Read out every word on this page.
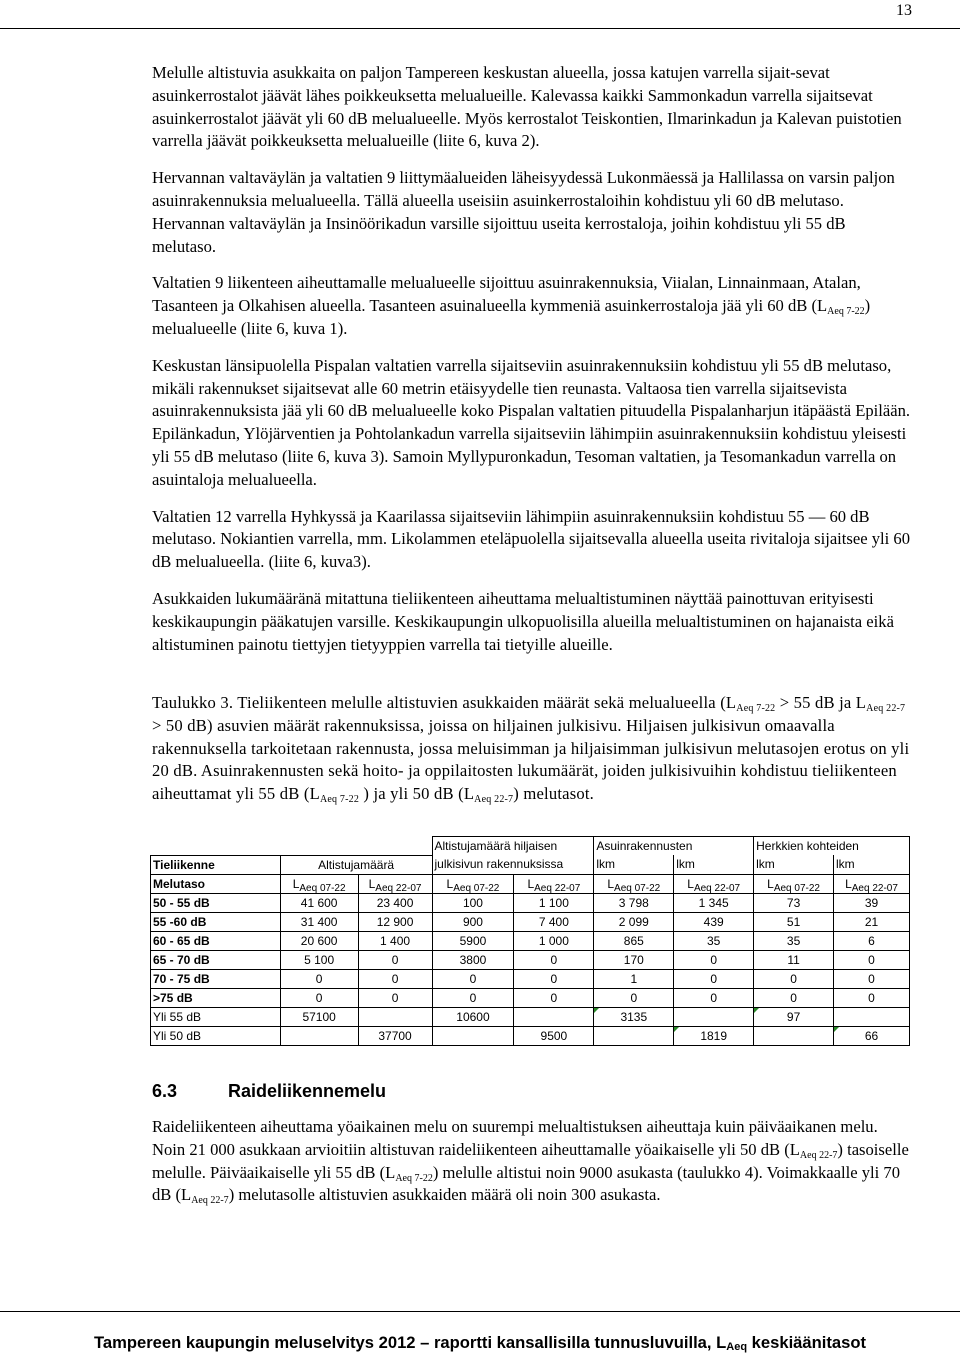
13

Melulle altistuvia asukkaita on paljon Tampereen keskustan alueella, jossa katujen varrella sijait-sevat asuinkerrostalot jäävät lähes poikkeuksetta melualueille. Kalevassa kaikki Sammonkadun varrella sijaitsevat asuinkerrostalot jäävät yli 60 dB melualueelle. Myös kerrostalot Teiskontien, Ilmarinkadun ja Kalevan puistotien varrella jäävät poikkeuksetta melualueille (liite 6, kuva 2).

Hervannan valtaväylän ja valtatien 9 liittymäalueiden läheisyydessä Lukonmäessä ja Hallilassa on varsin paljon asuinrakennuksia melualueella. Tällä alueella useisiin asuinkerrostaloihin kohdistuu yli 60 dB melutaso. Hervannan valtaväylän ja Insinöörikadun varsille sijoittuu useita kerrostaloja, joihin kohdistuu yli 55 dB melutaso.

Valtatien 9 liikenteen aiheuttamalle melualueelle sijoittuu asuinrakennuksia, Viialan, Linnainmaan, Atalan, Tasanteen ja Olkahisen alueella. Tasanteen asuinalueella kymmeniä asuinkerrostaloja jää yli 60 dB $(L_{Aeq 7-22})$ melualueelle (liite 6, kuva 1).

Keskustan länsipuolella Pispalan valtatien varrella sijaitseviin asuinrakennuksiin kohdistuu yli 55 dB melutaso, mikäli rakennukset sijaitsevat alle 60 metrin etäisyydelle tien reunasta. Valtaosa tien varrella sijaitsevista asuinrakennuksista jää yli 60 dB melualueelle koko Pispalan valtatien pituudella Pispalanharjun itäpäästä Epilään. Epilänkadun, Ylöjärventien ja Pohtolankadun varrella sijaitseviin lähimpiin asuinrakennuksiin kohdistuu yleisesti yli 55 dB melutaso (liite 6, kuva 3). Samoin Myllypuronkadun, Tesoman valtatien, ja Tesomankadun varrella on asuintaloja melualueella.

Valtatien 12 varrella Hyhkyssä ja Kaarilassa sijaitseviin lähimpiin asuinrakennuksiin kohdistuu 55 — 60 dB melutaso. Nokiantien varrella, mm. Likolammen eteläpuolella sijaitsevalla alueella useita rivitaloja sijaitsee yli 60 dB melualueella. (liite 6, kuva3).

Asukkaiden lukumääränä mitattuna tieliikenteen aiheuttama melualtistuminen näyttää painottuvan erityisesti keskikaupungin pääkatujen varsille. Keskikaupungin ulkopuolisilla alueilla melualtistuminen on hajanaista eikä altistuminen painotu tiettyjen tietyyppien varrella tai tietyille alueille.

Taulukko 3. Tieliikenteen melulle altistuvien asukkaiden määrät sekä melualueella ($L_{Aeq 7-22} > 55$ dB ja $L_{Aeq 22-7} > 50$ dB) asuvien määrät rakennuksissa, joissa on hiljainen julkisivu. Hiljaisen julkisivun omaavalla rakennuksella tarkoitetaan rakennusta, jossa meluisimman ja hiljaisimman julkisivun melutasojen erotus on yli 20 dB. Asuinrakennusten sekä hoito- ja oppilaitosten lukumäärät, joiden julkisivuihin kohdistuu tieliikenteen aiheuttamat yli 55 dB ($L_{Aeq 7-22}$ ) ja yli 50 dB $(L_{Aeq 22-7})$ melutasot.
			Altistujamäärä hiljaisen		Asuinrakennusten		Herkkien kohteiden	
Tieliikenne	Altistujamäärä		julkisivun rakennuksissa		lkm	lkm	lkm	lkm
Melutaso	$L_{Aeq 07-22}$	$L_{Aeq 22-07}$	$L_{Aeq 07-22}$	$L_{Aeq 22-07}$	$L_{Aeq 07-22}$	$L_{Aeq 22-07}$	$L_{Aeq 07-22}$	$L_{Aeq 22-07}$
50 - 55 dB	41 600	23 400	100	1 100	3 798	1 345	73	39
55 -60 dB	31 400	12 900	900	7 400	2 099	439	51	21
60 - 65 dB	20 600	1 400	5900	1 000	865	35	35	6
65 - 70 dB	5 100	0	3800	0	170	0	11	0
70 - 75 dB	0	0	0	0	1	0	0	0
>75 dB	0	0	0	0	0	0	0	0
Yli 55 dB	57100		10600		3135		97	
Yli 50 dB		37700		9500		1819		66
6.3	Raideliikennemelu
Raideliikenteen aiheuttama yöaikainen melu on suurempi melualtistuksen aiheuttaja kuin päiväaikanen melu. Noin 21 000 asukkaan arvioitiin altistuvan raideliikenteen aiheuttamalle yöaikaiselle yli 50 dB $(L_{Aeq 22-7})$ tasoiselle melulle. Päiväaikaiselle yli 55 dB $(L_{Aeq 7-22})$ melulle altistui noin 9000 asukasta (taulukko 4). Voimakkaalle yli 70 dB $(L_{Aeq 22-7})$ melutasolle altistuvien asukkaiden määrä oli noin 300 asukasta.
Tampereen kaupungin meluselvitys 2012 – raportti kansallisilla tunnusluvuilla, $L_{Aeq}$ keskiäänitasot
